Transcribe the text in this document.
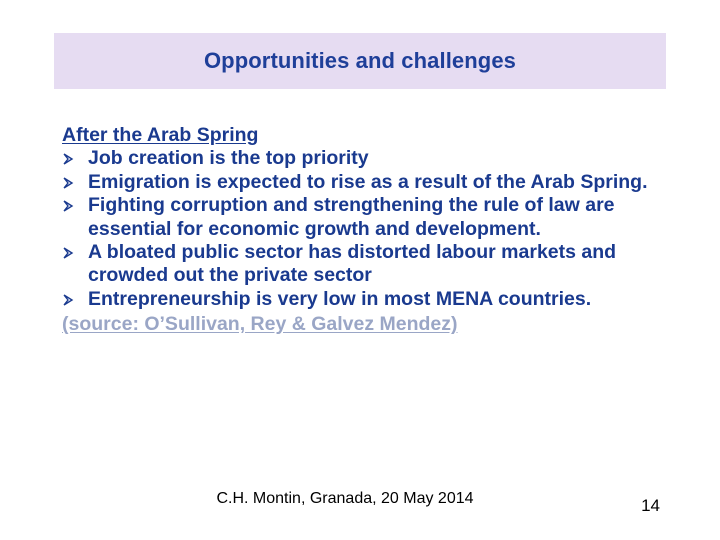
Opportunities and challenges
After the Arab Spring
Job creation is the top priority
Emigration is expected to rise as a result of the Arab Spring.
Fighting corruption and strengthening the rule of law are essential for economic growth and development.
A bloated public sector has distorted labour markets and crowded out the private sector
Entrepreneurship is very low in most MENA countries.
(source: O’Sullivan, Rey & Galvez Mendez)
C.H. Montin, Granada, 20 May 2014	14
